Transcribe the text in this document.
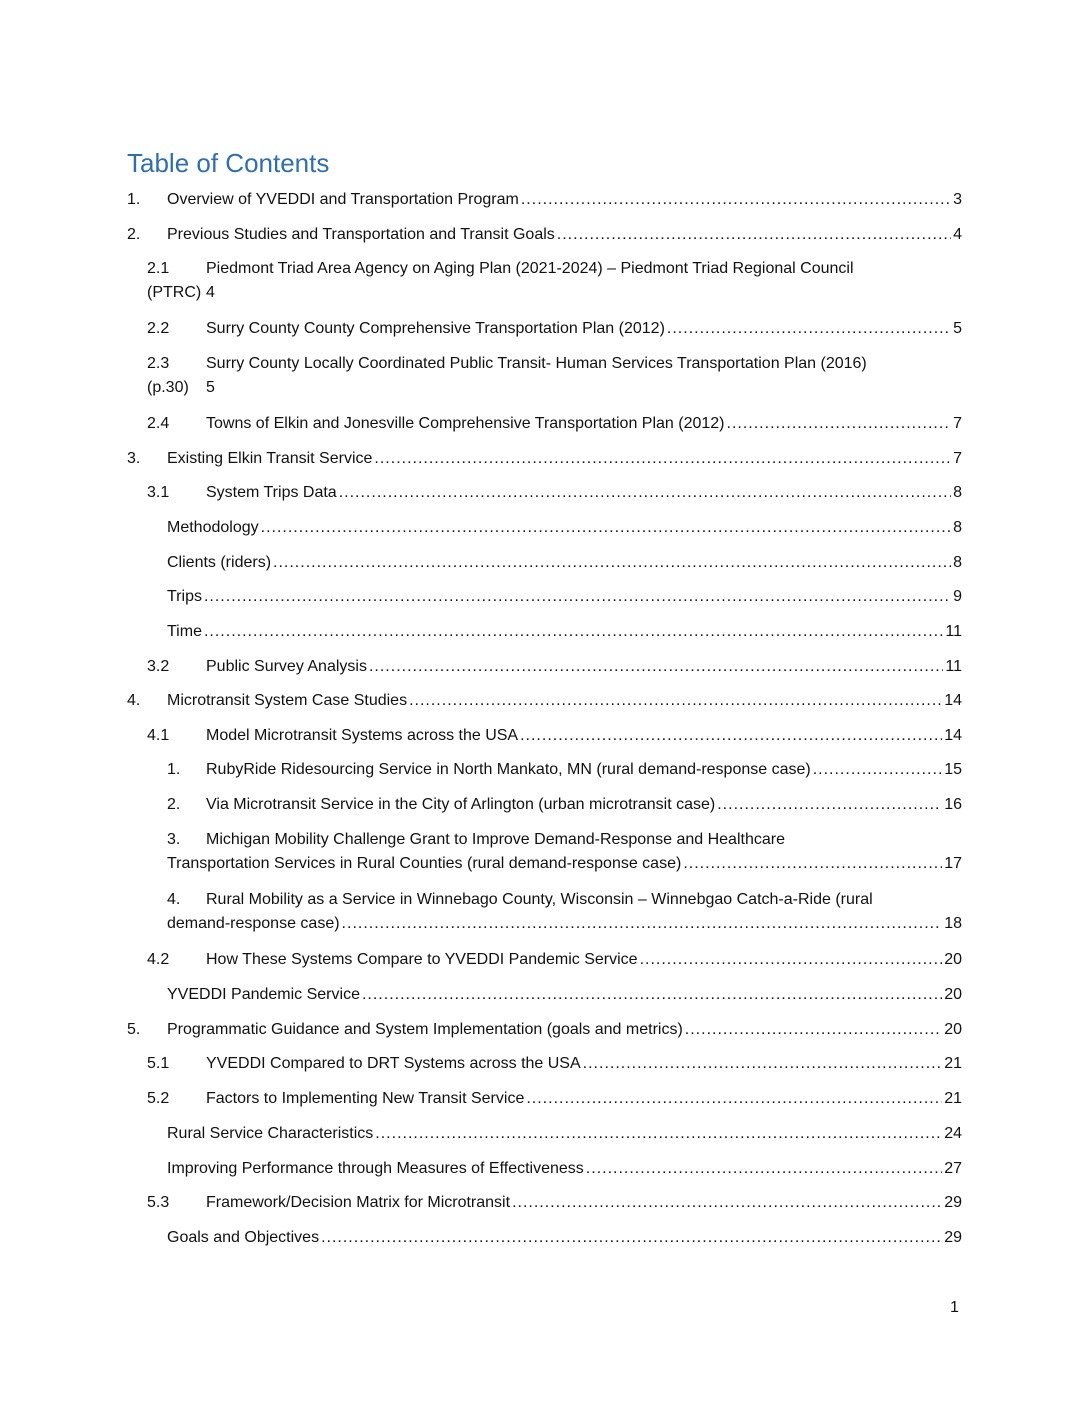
Table of Contents
1.	Overview of YVEDDI and Transportation Program .....	3
2.	Previous Studies and Transportation and Transit Goals .....	4
2.1	Piedmont Triad Area Agency on Aging Plan (2021-2024) – Piedmont Triad Regional Council
(PTRC) 4
2.2	Surry County County Comprehensive Transportation Plan (2012) .....	5
2.3	Surry County Locally Coordinated Public Transit- Human Services Transportation Plan (2016)
(p.30)	5
2.4	Towns of Elkin and Jonesville Comprehensive Transportation Plan (2012) .....	7
3.	Existing Elkin Transit Service .....	7
3.1	System Trips Data .....	8
Methodology .....	8
Clients (riders) .....	8
Trips .....	9
Time .....	11
3.2	Public Survey Analysis .....	11
4.	Microtransit System Case Studies .....	14
4.1	Model Microtransit Systems across the USA .....	14
1.	RubyRide Ridesourcing Service in North Mankato, MN (rural demand-response case) .....	15
2.	Via Microtransit Service in the City of Arlington (urban microtransit case) .....	16
3.	Michigan Mobility Challenge Grant to Improve Demand-Response and Healthcare
Transportation Services in Rural Counties (rural demand-response case) .....	17
4.	Rural Mobility as a Service in Winnebago County, Wisconsin – Winnebgao Catch-a-Ride (rural
demand-response case) .....	18
4.2	How These Systems Compare to YVEDDI Pandemic Service .....	20
YVEDDI Pandemic Service .....	20
5.	Programmatic Guidance and System Implementation (goals and metrics) .....	20
5.1	YVEDDI Compared to DRT Systems across the USA .....	21
5.2	Factors to Implementing New Transit Service .....	21
Rural Service Characteristics .....	24
Improving Performance through Measures of Effectiveness .....	27
5.3	Framework/Decision Matrix for Microtransit .....	29
Goals and Objectives .....	29
1
